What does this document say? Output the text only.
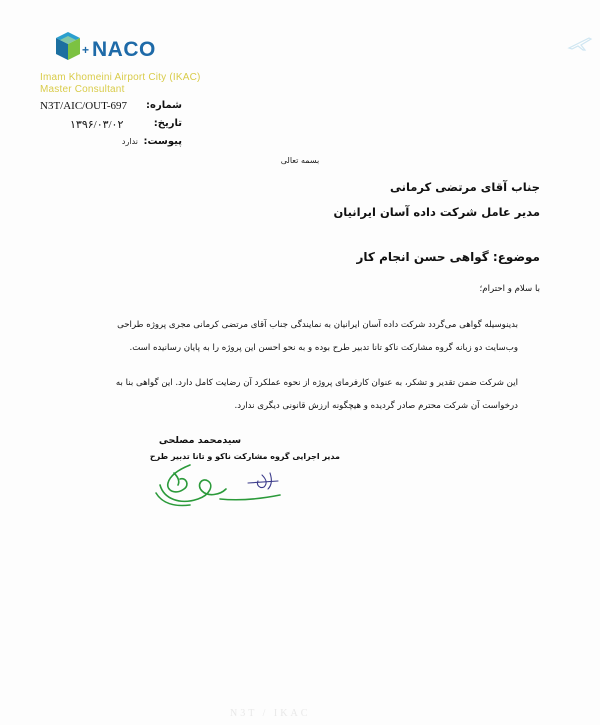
+ NACO
Imam Khomeini Airport City (IKAC)
Master Consultant
شماره:
N3T/AIC/OUT-697
تاریخ:
۱۳۹۶/۰۳/۰۲
پیوست:
ندارد
بسمه تعالی
جناب آقای مرتضی کرمانی
مدیر عامل شرکت داده آسان ایرانیان
موضوع: گواهی حسن انجام کار
با سلام و احترام؛
بدینوسیله گواهی می‌گردد شرکت داده آسان ایرانیان به نمایندگی جناب آقای مرتضی کرمانی مجری پروژه طراحی
وب‌سایت دو زبانه گروه مشارکت ناکو تانا تدبیر طرح بوده و به نحو احسن این پروژه را به پایان رسانیده است.
این شرکت ضمن تقدیر و تشکر، به عنوان کارفرمای پروژه از نحوه عملکرد آن رضایت کامل دارد. این گواهی بنا به
درخواست آن شرکت محترم صادر گردیده و هیچگونه ارزش قانونی دیگری ندارد.
سیدمحمد مصلحی
مدیر اجرایی گروه مشارکت ناکو و تانا تدبیر طرح
N3T / IKAC
